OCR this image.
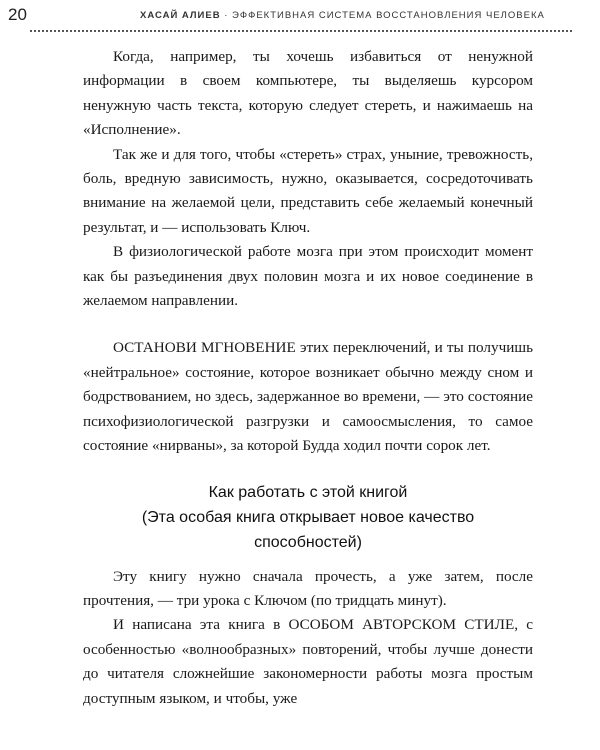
20	ХАСАЙ АЛИЕВ · ЭФФЕКТИВНАЯ СИСТЕМА ВОССТАНОВЛЕНИЯ ЧЕЛОВЕКА

Когда, например, ты хочешь избавиться от ненужной информации в своем компьютере, ты выделяешь курсором ненужную часть текста, которую следует стереть, и нажимаешь на «Исполнение».

Так же и для того, чтобы «стереть» страх, уныние, тревожность, боль, вредную зависимость, нужно, оказывается, сосредоточивать внимание на желаемой цели, представить себе желаемый конечный результат, и — использовать Ключ.

В физиологической работе мозга при этом происходит момент как бы разъединения двух половин мозга и их новое соединение в желаемом направлении.

ОСТАНОВИ МГНОВЕНИЕ этих переключений, и ты получишь «нейтральное» состояние, которое возникает обычно между сном и бодрствованием, но здесь, задержанное во времени, — это состояние психофизиологической разгрузки и самоосмысления, то самое состояние «нирваны», за которой Будда ходил почти сорок лет.

Как работать с этой книгой
(Эта особая книга открывает новое качество
способностей)

Эту книгу нужно сначала прочесть, а уже затем, после прочтения, — три урока с Ключом (по тридцать минут).

И написана эта книга в ОСОБОМ АВТОРСКОМ СТИЛЕ, с особенностью «волнообразных» повторений, чтобы лучше донести до читателя сложнейшие закономерности работы мозга простым доступным языком, и чтобы, уже
